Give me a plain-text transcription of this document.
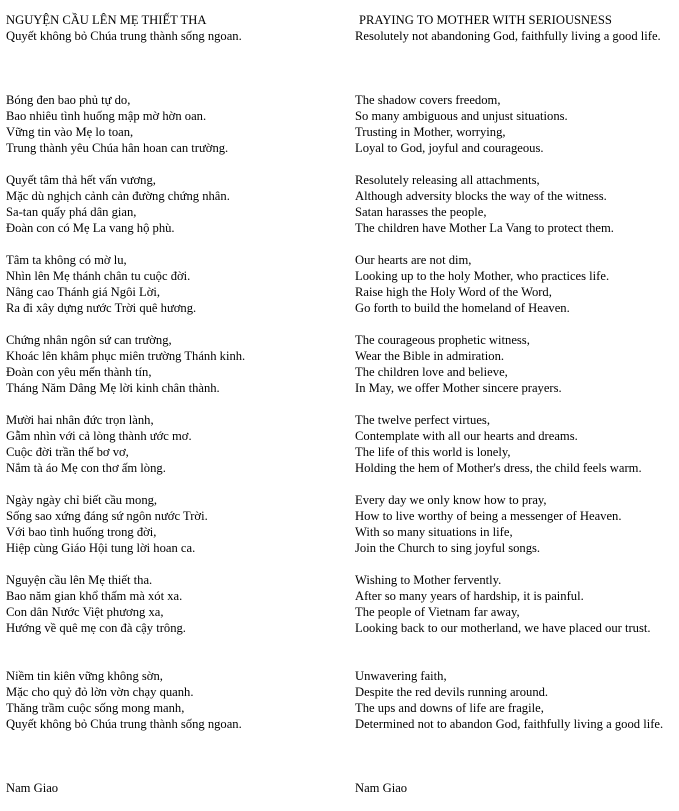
NGUYỆN CẦU LÊN MẸ THIẾT THA
Quyết không bỏ Chúa trung thành sống ngoan.
Bóng đen bao phủ tự do,
Bao nhiêu tình huống mập mờ hờn oan.
Vững tin vào Mẹ lo toan,
Trung thành yêu Chúa hân hoan can trường.
Quyết tâm thả hết vấn vương,
Mặc dù nghịch cảnh cản đường chứng nhân.
Sa-tan quấy phá dân gian,
Đoàn con có Mẹ La vang hộ phù.
Tâm ta không có mờ lu,
Nhìn lên Mẹ thánh chân tu cuộc đời.
Nâng cao Thánh giá Ngôi Lời,
Ra đi xây dựng nước Trời quê hương.
Chứng nhân ngôn sứ can trường,
Khoác lên khâm phục miên trường Thánh kinh.
Đoàn con yêu mến thành tín,
Tháng Năm Dâng Mẹ lời kinh chân thành.
Mười hai nhân đức trọn lành,
Gẫm nhìn với cả lòng thành ước mơ.
Cuộc đời trần thế bơ vơ,
Nắm tà áo Mẹ con thơ ấm lòng.
Ngày ngày chỉ biết cầu mong,
Sống sao xứng đáng sứ ngôn nước Trời.
Với bao tình huống trong đời,
Hiệp cùng Giáo Hội tung lời hoan ca.
Nguyện cầu lên Mẹ thiết tha.
Bao năm gian khổ thấm mà xót xa.
Con dân Nước Việt phương xa,
Hướng về quê mẹ con đà cậy trông.
Niềm tin kiên vững không sờn,
Mặc cho quỷ đỏ lờn vờn chạy quanh.
Thăng trầm cuộc sống mong manh,
Quyết không bỏ Chúa trung thành sống ngoan.
Nam Giao
PRAYING TO MOTHER WITH SERIOUSNESS
Resolutely not abandoning God, faithfully living a good life.
The shadow covers freedom,
So many ambiguous and unjust situations.
Trusting in Mother, worrying,
Loyal to God, joyful and courageous.
Resolutely releasing all attachments,
Although adversity blocks the way of the witness.
Satan harasses the people,
The children have Mother La Vang to protect them.
Our hearts are not dim,
Looking up to the holy Mother, who practices life.
Raise high the Holy Word of the Word,
Go forth to build the homeland of Heaven.
The courageous prophetic witness,
Wear the Bible in admiration.
The children love and believe,
In May, we offer Mother sincere prayers.
The twelve perfect virtues,
Contemplate with all our hearts and dreams.
The life of this world is lonely,
Holding the hem of Mother's dress, the child feels warm.
Every day we only know how to pray,
How to live worthy of being a messenger of Heaven.
With so many situations in life,
Join the Church to sing joyful songs.
Wishing to Mother fervently.
After so many years of hardship, it is painful.
The people of Vietnam far away,
Looking back to our motherland, we have placed our trust.
Unwavering faith,
Despite the red devils running around.
The ups and downs of life are fragile,
Determined not to abandon God, faithfully living a good life.
Nam Giao
